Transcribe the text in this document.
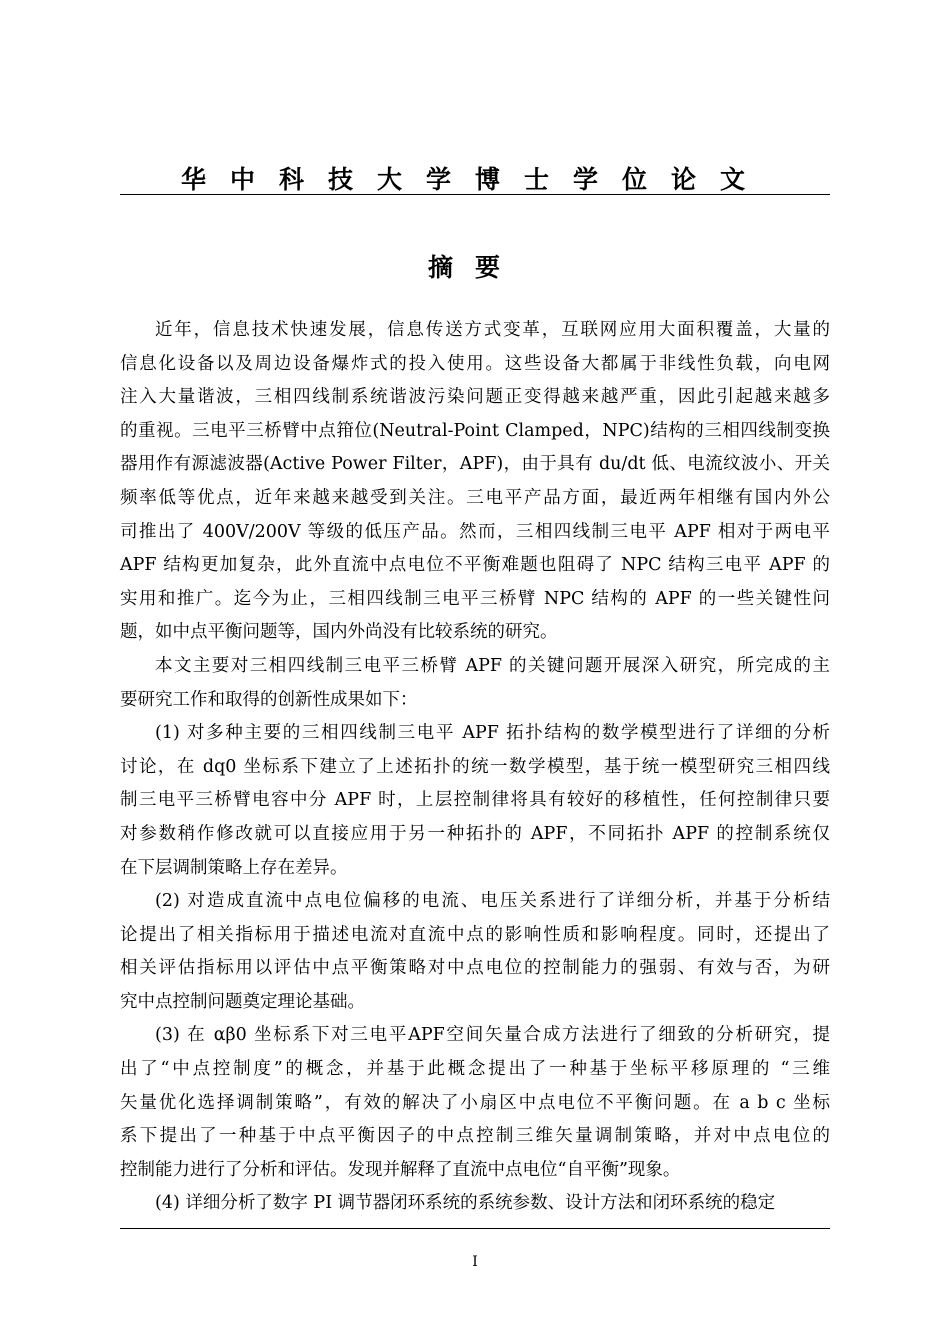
华中科技大学博士学位论文
摘要
近年，信息技术快速发展，信息传送方式变革，互联网应用大面积覆盖，大量的
信息化设备以及周边设备爆炸式的投入使用。这些设备大都属于非线性负载，向电网
注入大量谐波，三相四线制系统谐波污染问题正变得越来越严重，因此引起越来越多
的重视。三电平三桥臂中点箝位(Neutral-Point Clamped，NPC)结构的三相四线制变换
器用作有源滤波器(Active Power Filter，APF)，由于具有 du/dt 低、电流纹波小、开关
频率低等优点，近年来越来越受到关注。三电平产品方面，最近两年相继有国内外公
司推出了 400V/200V 等级的低压产品。然而，三相四线制三电平 APF 相对于两电平
APF 结构更加复杂，此外直流中点电位不平衡难题也阻碍了 NPC 结构三电平 APF 的
实用和推广。迄今为止，三相四线制三电平三桥臂 NPC 结构的 APF 的一些关键性问
题，如中点平衡问题等，国内外尚没有比较系统的研究。
本文主要对三相四线制三电平三桥臂 APF 的关键问题开展深入研究，所完成的主
要研究工作和取得的创新性成果如下：
(1) 对多种主要的三相四线制三电平 APF 拓扑结构的数学模型进行了详细的分析
讨论，在 dq0 坐标系下建立了上述拓扑的统一数学模型，基于统一模型研究三相四线
制三电平三桥臂电容中分 APF 时，上层控制律将具有较好的移植性，任何控制律只要
对参数稍作修改就可以直接应用于另一种拓扑的 APF，不同拓扑 APF 的控制系统仅
在下层调制策略上存在差异。
(2) 对造成直流中点电位偏移的电流、电压关系进行了详细分析，并基于分析结
论提出了相关指标用于描述电流对直流中点的影响性质和影响程度。同时，还提出了
相关评估指标用以评估中点平衡策略对中点电位的控制能力的强弱、有效与否，为研
究中点控制问题奠定理论基础。
(3) 在 αβ0 坐标系下对三电平APF空间矢量合成方法进行了细致的分析研究，提
出了“中点控制度”的概念，并基于此概念提出了一种基于坐标平移原理的 “三维
矢量优化选择调制策略”，有效的解决了小扇区中点电位不平衡问题。在 a b c 坐标
系下提出了一种基于中点平衡因子的中点控制三维矢量调制策略，并对中点电位的
控制能力进行了分析和评估。发现并解释了直流中点电位“自平衡”现象。
(4) 详细分析了数字 PI 调节器闭环系统的系统参数、设计方法和闭环系统的稳定
I
